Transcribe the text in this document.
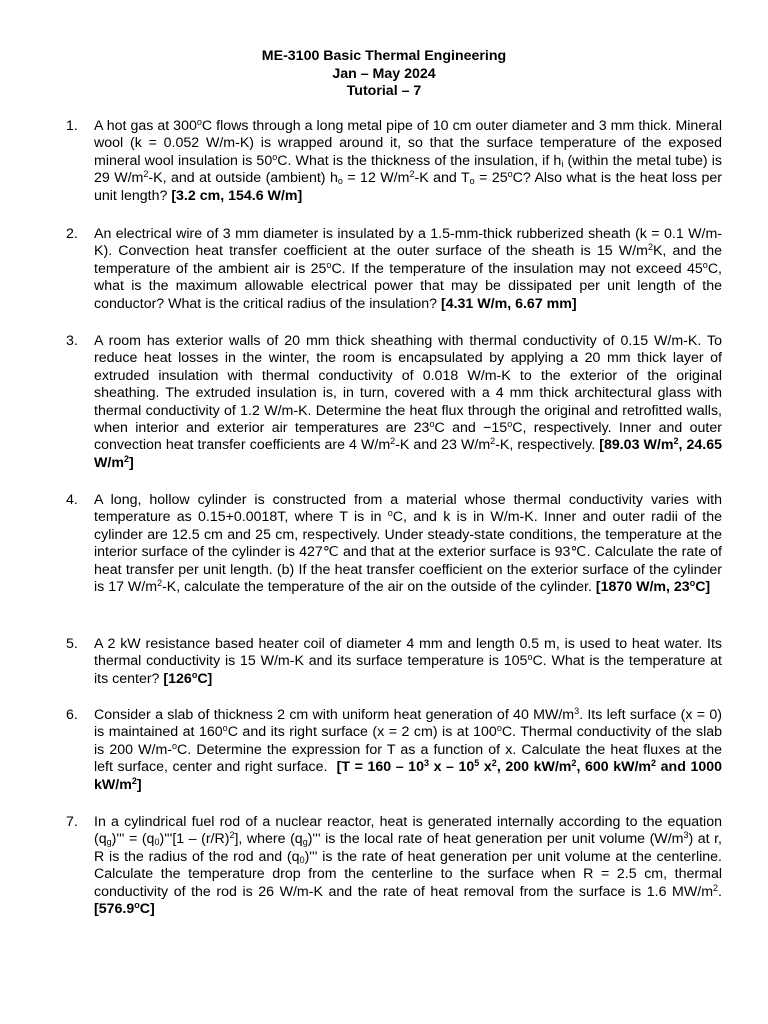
ME-3100 Basic Thermal Engineering
Jan – May 2024
Tutorial – 7
1.	A hot gas at 300$^o$C flows through a long metal pipe of 10 cm outer diameter and 3 mm thick. Mineral wool (k = 0.052 W/m-K) is wrapped around it, so that the surface temperature of the exposed mineral wool insulation is 50$^o$C. What is the thickness of the insulation, if $h_i$ (within the metal tube) is 29 $W/m^2-K$, and at outside (ambient) $h_o = 12$ $W/m^2-K$ and $T_o = 25^oC$? Also what is the heat loss per unit length? [3.2 cm, 154.6 W/m]
2.	An electrical wire of 3 mm diameter is insulated by a 1.5-mm-thick rubberized sheath (k = 0.1 W/m-K). Convection heat transfer coefficient at the outer surface of the sheath is 15 $W/m^2K$, and the temperature of the ambient air is 25$^o$C. If the temperature of the insulation may not exceed 45$^o$C, what is the maximum allowable electrical power that may be dissipated per unit length of the conductor? What is the critical radius of the insulation? [4.31 W/m, 6.67 mm]
3.	A room has exterior walls of 20 mm thick sheathing with thermal conductivity of 0.15 W/m-K. To reduce heat losses in the winter, the room is encapsulated by applying a 20 mm thick layer of extruded insulation with thermal conductivity of 0.018 W/m-K to the exterior of the original sheathing. The extruded insulation is, in turn, covered with a 4 mm thick architectural glass with thermal conductivity of 1.2 W/m-K. Determine the heat flux through the original and retrofitted walls, when interior and exterior air temperatures are 23$^o$C and $-15^oC$, respectively. Inner and outer convection heat transfer coefficients are 4 $W/m^2-K$ and 23 $W/m^2-K$, respectively. [89.03 $W/m^2$, 24.65 $W/m^2$]
4.	A long, hollow cylinder is constructed from a material whose thermal conductivity varies with temperature as 0.15+0.0018T, where T is in $^o$C, and k is in W/m-K. Inner and outer radii of the cylinder are 12.5 cm and 25 cm, respectively. Under steady-state conditions, the temperature at the interior surface of the cylinder is 427℃ and that at the exterior surface is 93℃. Calculate the rate of heat transfer per unit length. (b) If the heat transfer coefficient on the exterior surface of the cylinder is 17 $W/m^2-K$, calculate the temperature of the air on the outside of the cylinder. [1870 W/m, 23$^o$C]
5.	A 2 kW resistance based heater coil of diameter 4 mm and length 0.5 m, is used to heat water. Its thermal conductivity is 15 W/m-K and its surface temperature is 105$^o$C. What is the temperature at its center? [126$^o$C]
6.	Consider a slab of thickness 2 cm with uniform heat generation of 40 $MW/m^3$. Its left surface (x = 0) is maintained at 160$^o$C and its right surface (x = 2 cm) is at 100$^o$C. Thermal conductivity of the slab is 200 W/m-$^o$C. Determine the expression for T as a function of x. Calculate the heat fluxes at the left surface, center and right surface.  [$T = 160 - 10^3$ x – $10^5$ $x^2$, 200 $kW/m^2$, 600 $kW/m^2$ and 1000 $kW/m^2$]
7.	In a cylindrical fuel rod of a nuclear reactor, heat is generated internally according to the equation $(q_g)''' = (q_0)'''[1 - (r/R)^2]$, where $(q_g)'''$ is the local rate of heat generation per unit volume $(W/m^3)$ at r, R is the radius of the rod and $(q_0)'''$ is the rate of heat generation per unit volume at the centerline. Calculate the temperature drop from the centerline to the surface when R = 2.5 cm, thermal conductivity of the rod is 26 W/m-K and the rate of heat removal from the surface is 1.6 $MW/m^2$. [576.9$^o$C]
